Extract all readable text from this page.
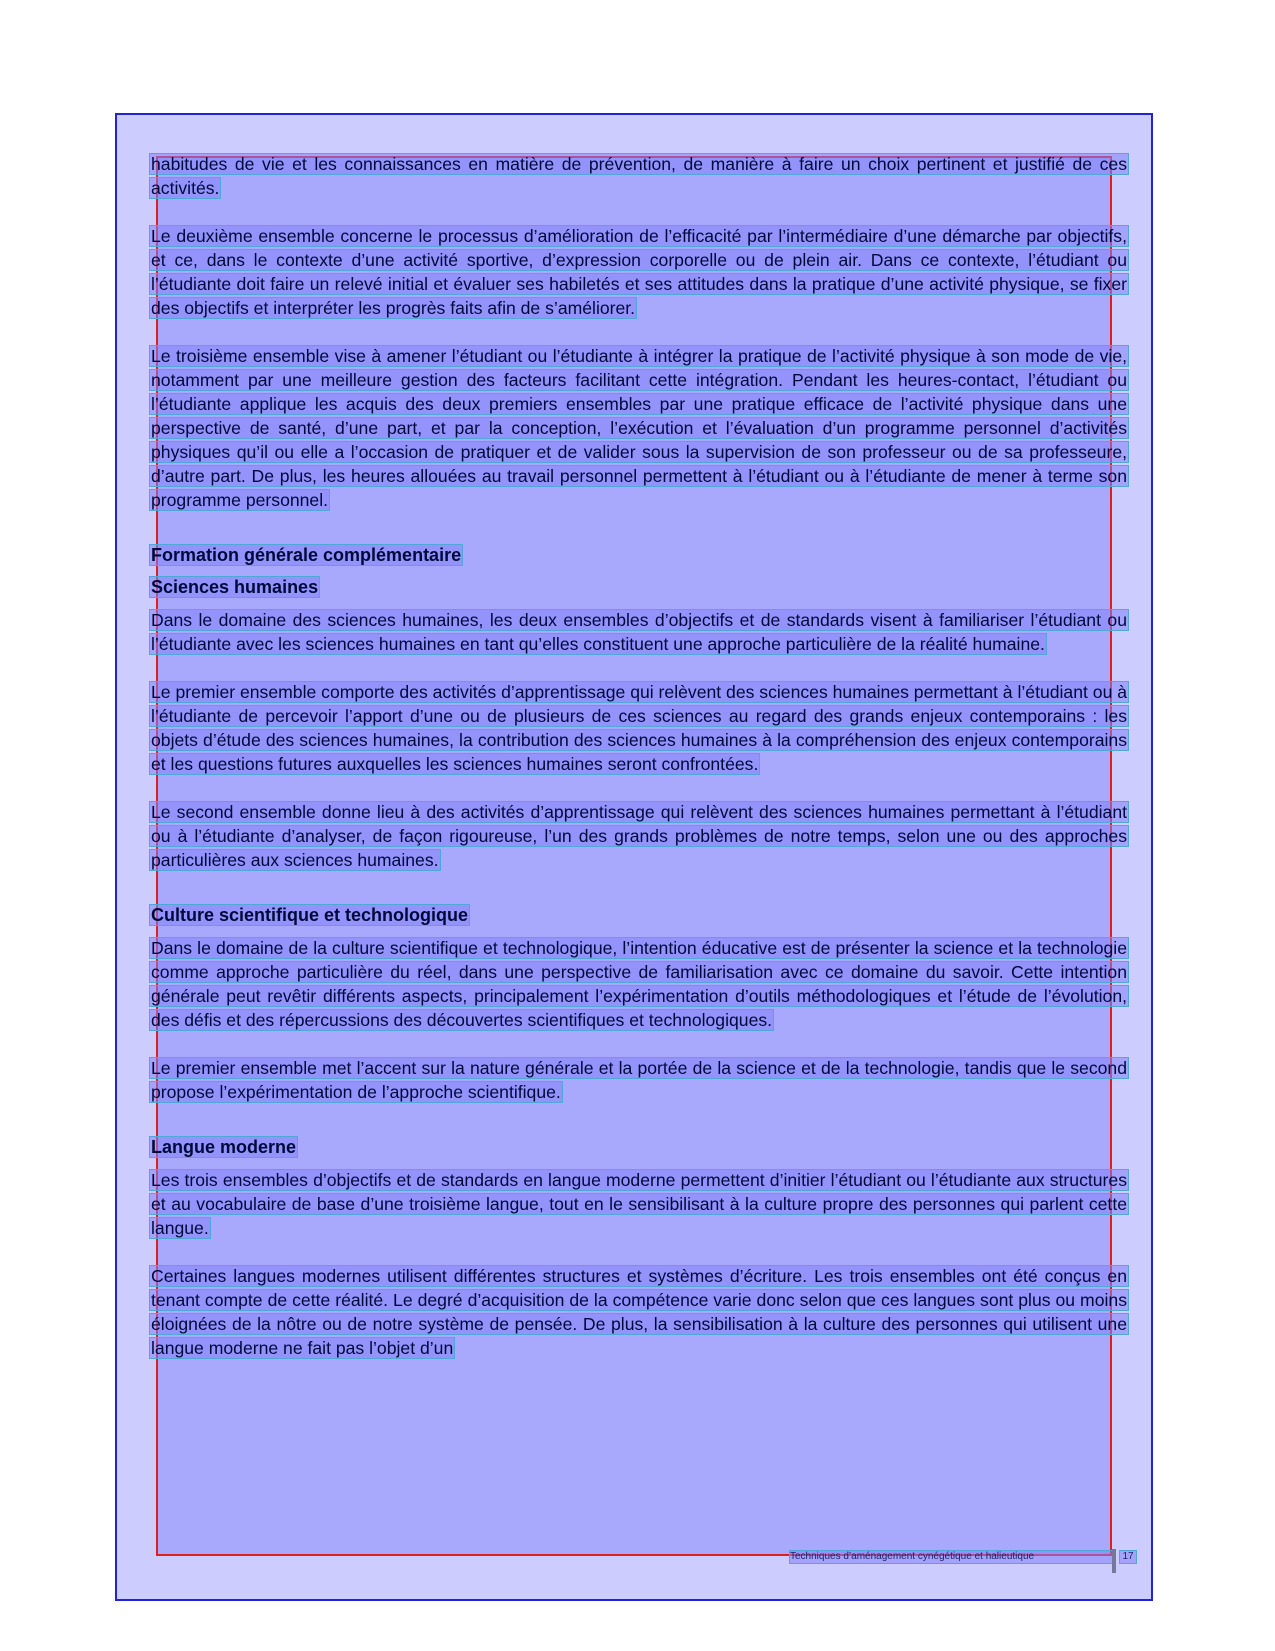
habitudes de vie et les connaissances en matière de prévention, de manière à faire un choix pertinent et justifié de ces activités.
Le deuxième ensemble concerne le processus d’amélioration de l’efficacité par l’intermédiaire d’une démarche par objectifs, et ce, dans le contexte d’une activité sportive, d’expression corporelle ou de plein air. Dans ce contexte, l’étudiant ou l’étudiante doit faire un relevé initial et évaluer ses habiletés et ses attitudes dans la pratique d’une activité physique, se fixer des objectifs et interpréter les progrès faits afin de s’améliorer.
Le troisième ensemble vise à amener l’étudiant ou l’étudiante à intégrer la pratique de l’activité physique à son mode de vie, notamment par une meilleure gestion des facteurs facilitant cette intégration. Pendant les heures-contact, l’étudiant ou l’étudiante applique les acquis des deux premiers ensembles par une pratique efficace de l’activité physique dans une perspective de santé, d’une part, et par la conception, l’exécution et l’évaluation d’un programme personnel d’activités physiques qu’il ou elle a l’occasion de pratiquer et de valider sous la supervision de son professeur ou de sa professeure, d’autre part. De plus, les heures allouées au travail personnel permettent à l’étudiant ou à l’étudiante de mener à terme son programme personnel.
Formation générale complémentaire
Sciences humaines
Dans le domaine des sciences humaines, les deux ensembles d’objectifs et de standards visent à familiariser l’étudiant ou l’étudiante avec les sciences humaines en tant qu’elles constituent une approche particulière de la réalité humaine.
Le premier ensemble comporte des activités d’apprentissage qui relèvent des sciences humaines permettant à l’étudiant ou à l’étudiante de percevoir l’apport d’une ou de plusieurs de ces sciences au regard des grands enjeux contemporains : les objets d’étude des sciences humaines, la contribution des sciences humaines à la compréhension des enjeux contemporains et les questions futures auxquelles les sciences humaines seront confrontées.
Le second ensemble donne lieu à des activités d’apprentissage qui relèvent des sciences humaines permettant à l’étudiant ou à l’étudiante d’analyser, de façon rigoureuse, l’un des grands problèmes de notre temps, selon une ou des approches particulières aux sciences humaines.
Culture scientifique et technologique
Dans le domaine de la culture scientifique et technologique, l’intention éducative est de présenter la science et la technologie comme approche particulière du réel, dans une perspective de familiarisation avec ce domaine du savoir. Cette intention générale peut revêtir différents aspects, principalement l’expérimentation d’outils méthodologiques et l’étude de l’évolution, des défis et des répercussions des découvertes scientifiques et technologiques.
Le premier ensemble met l’accent sur la nature générale et la portée de la science et de la technologie, tandis que le second propose l’expérimentation de l’approche scientifique.
Langue moderne
Les trois ensembles d’objectifs et de standards en langue moderne permettent d’initier l’étudiant ou l’étudiante aux structures et au vocabulaire de base d’une troisième langue, tout en le sensibilisant à la culture propre des personnes qui parlent cette langue.
Certaines langues modernes utilisent différentes structures et systèmes d’écriture. Les trois ensembles ont été conçus en tenant compte de cette réalité. Le degré d’acquisition de la compétence varie donc selon que ces langues sont plus ou moins éloignées de la nôtre ou de notre système de pensée. De plus, la sensibilisation à la culture des personnes qui utilisent une langue moderne ne fait pas l’objet d’un
Techniques d’aménagement cynégétique et halieutique	17
